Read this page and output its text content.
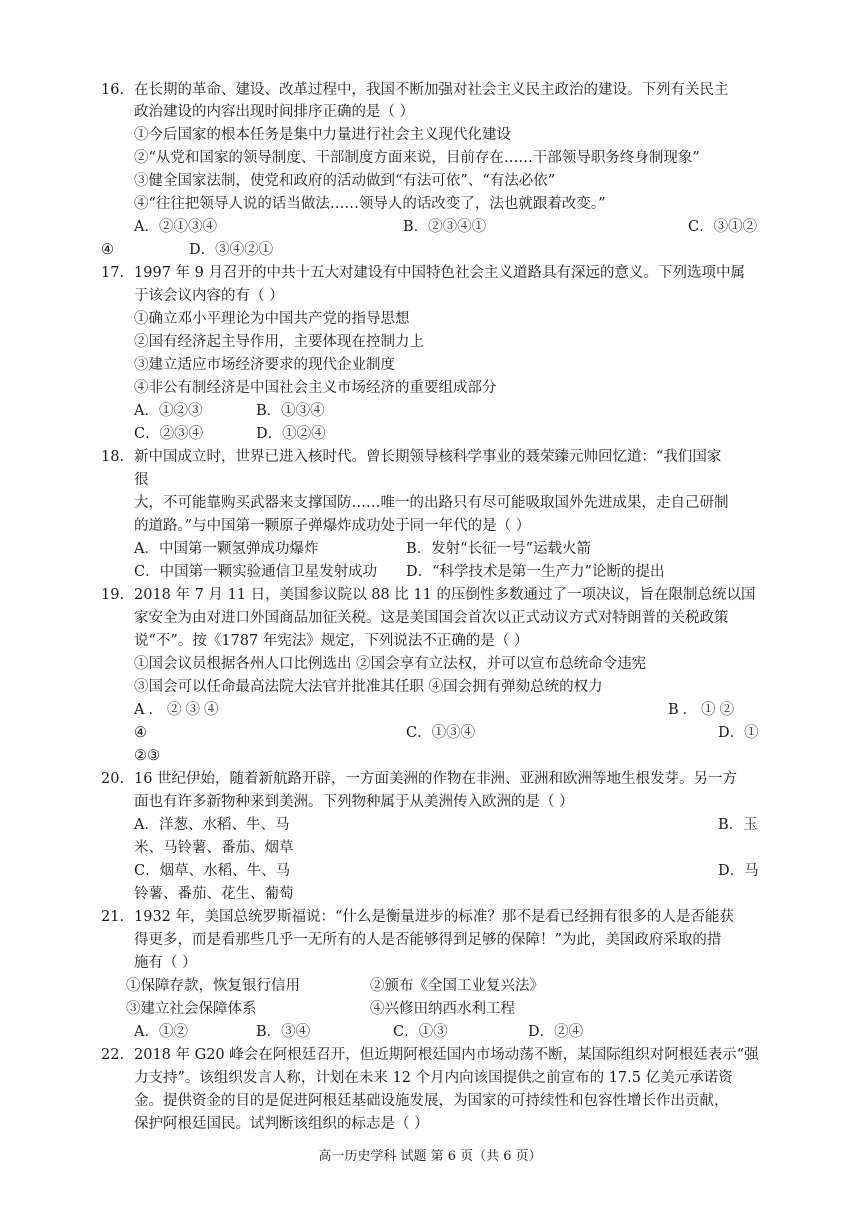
16. 在长期的革命、建设、改革过程中，我国不断加强对社会主义民主政治的建设。下列有关民主
政治建设的内容出现时间排序正确的是（ ）
①今后国家的根本任务是集中力量进行社会主义现代化建设
②“从党和国家的领导制度、干部制度方面来说，目前存在……干部领导职务终身制现象”
③健全国家法制，使党和政府的活动做到“有法可依”、“有法必依”
④“往往把领导人说的话当做法……领导人的话改变了，法也就跟着改变。”
A．②①③④	B．②③④①	C．③①②
④	D．③④②①
17. 1997 年 9 月召开的中共十五大对建设有中国特色社会主义道路具有深远的意义。下列选项中属
于该会议内容的有（ ）
①确立邓小平理论为中国共产党的指导思想
②国有经济起主导作用，主要体现在控制力上
③建立适应市场经济要求的现代企业制度
④非公有制经济是中国社会主义市场经济的重要组成部分
A．①②③	B．①③④
C．②③④	D．①②④
18. 新中国成立时，世界已进入核时代。曾长期领导核科学事业的聂荣臻元帅回忆道：“我们国家
很
大，不可能靠购买武器来支撑国防……唯一的出路只有尽可能吸取国外先进成果，走自己研制
的道路。”与中国第一颗原子弹爆炸成功处于同一年代的是（ ）
A．中国第一颗氢弹成功爆炸	B．发射“长征一号”运载火箭
C．中国第一颗实验通信卫星发射成功 D．“科学技术是第一生产力”论断的提出
19. 2018 年 7 月 11 日，美国参议院以 88 比 11 的压倒性多数通过了一项决议，旨在限制总统以国
家安全为由对进口外国商品加征关税。这是美国国会首次以正式动议方式对特朗普的关税政策
说“不”。按《1787 年宪法》规定，下列说法不正确的是（ ）
①国会议员根据各州人口比例选出 ②国会享有立法权，并可以宣布总统命令违宪
③国会可以任命最高法院大法官并批准其任职 ④国会拥有弹劾总统的权力
A．②③④	B．①②
④	C．①③④	D．①
②③
20. 16 世纪伊始，随着新航路开辟，一方面美洲的作物在非洲、亚洲和欧洲等地生根发芽。另一方
面也有许多新物种来到美洲。下列物种属于从美洲传入欧洲的是（ ）
A．洋葱、水稻、牛、马	B．玉
米、马铃薯、番茄、烟草
C．烟草、水稻、牛、马	D．马
铃薯、番茄、花生、葡萄
21. 1932 年，美国总统罗斯福说：“什么是衡量进步的标准？那不是看已经拥有很多的人是否能获
得更多，而是看那些几乎一无所有的人是否能够得到足够的保障！”为此，美国政府采取的措
施有（ ）
①保障存款，恢复银行信用	②颁布《全国工业复兴法》
③建立社会保障体系	④兴修田纳西水利工程
A．①②	B．③④	C．①③	D．②④
22. 2018 年 G20 峰会在阿根廷召开，但近期阿根廷国内市场动荡不断，某国际组织对阿根廷表示“强
力支持”。该组织发言人称，计划在未来 12 个月内向该国提供之前宣布的 17.5 亿美元承诺资
金。提供资金的目的是促进阿根廷基础设施发展，为国家的可持续性和包容性增长作出贡献，
保护阿根廷国民。试判断该组织的标志是（ ）
高一历史学科 试题 第 6 页（共 6 页）
